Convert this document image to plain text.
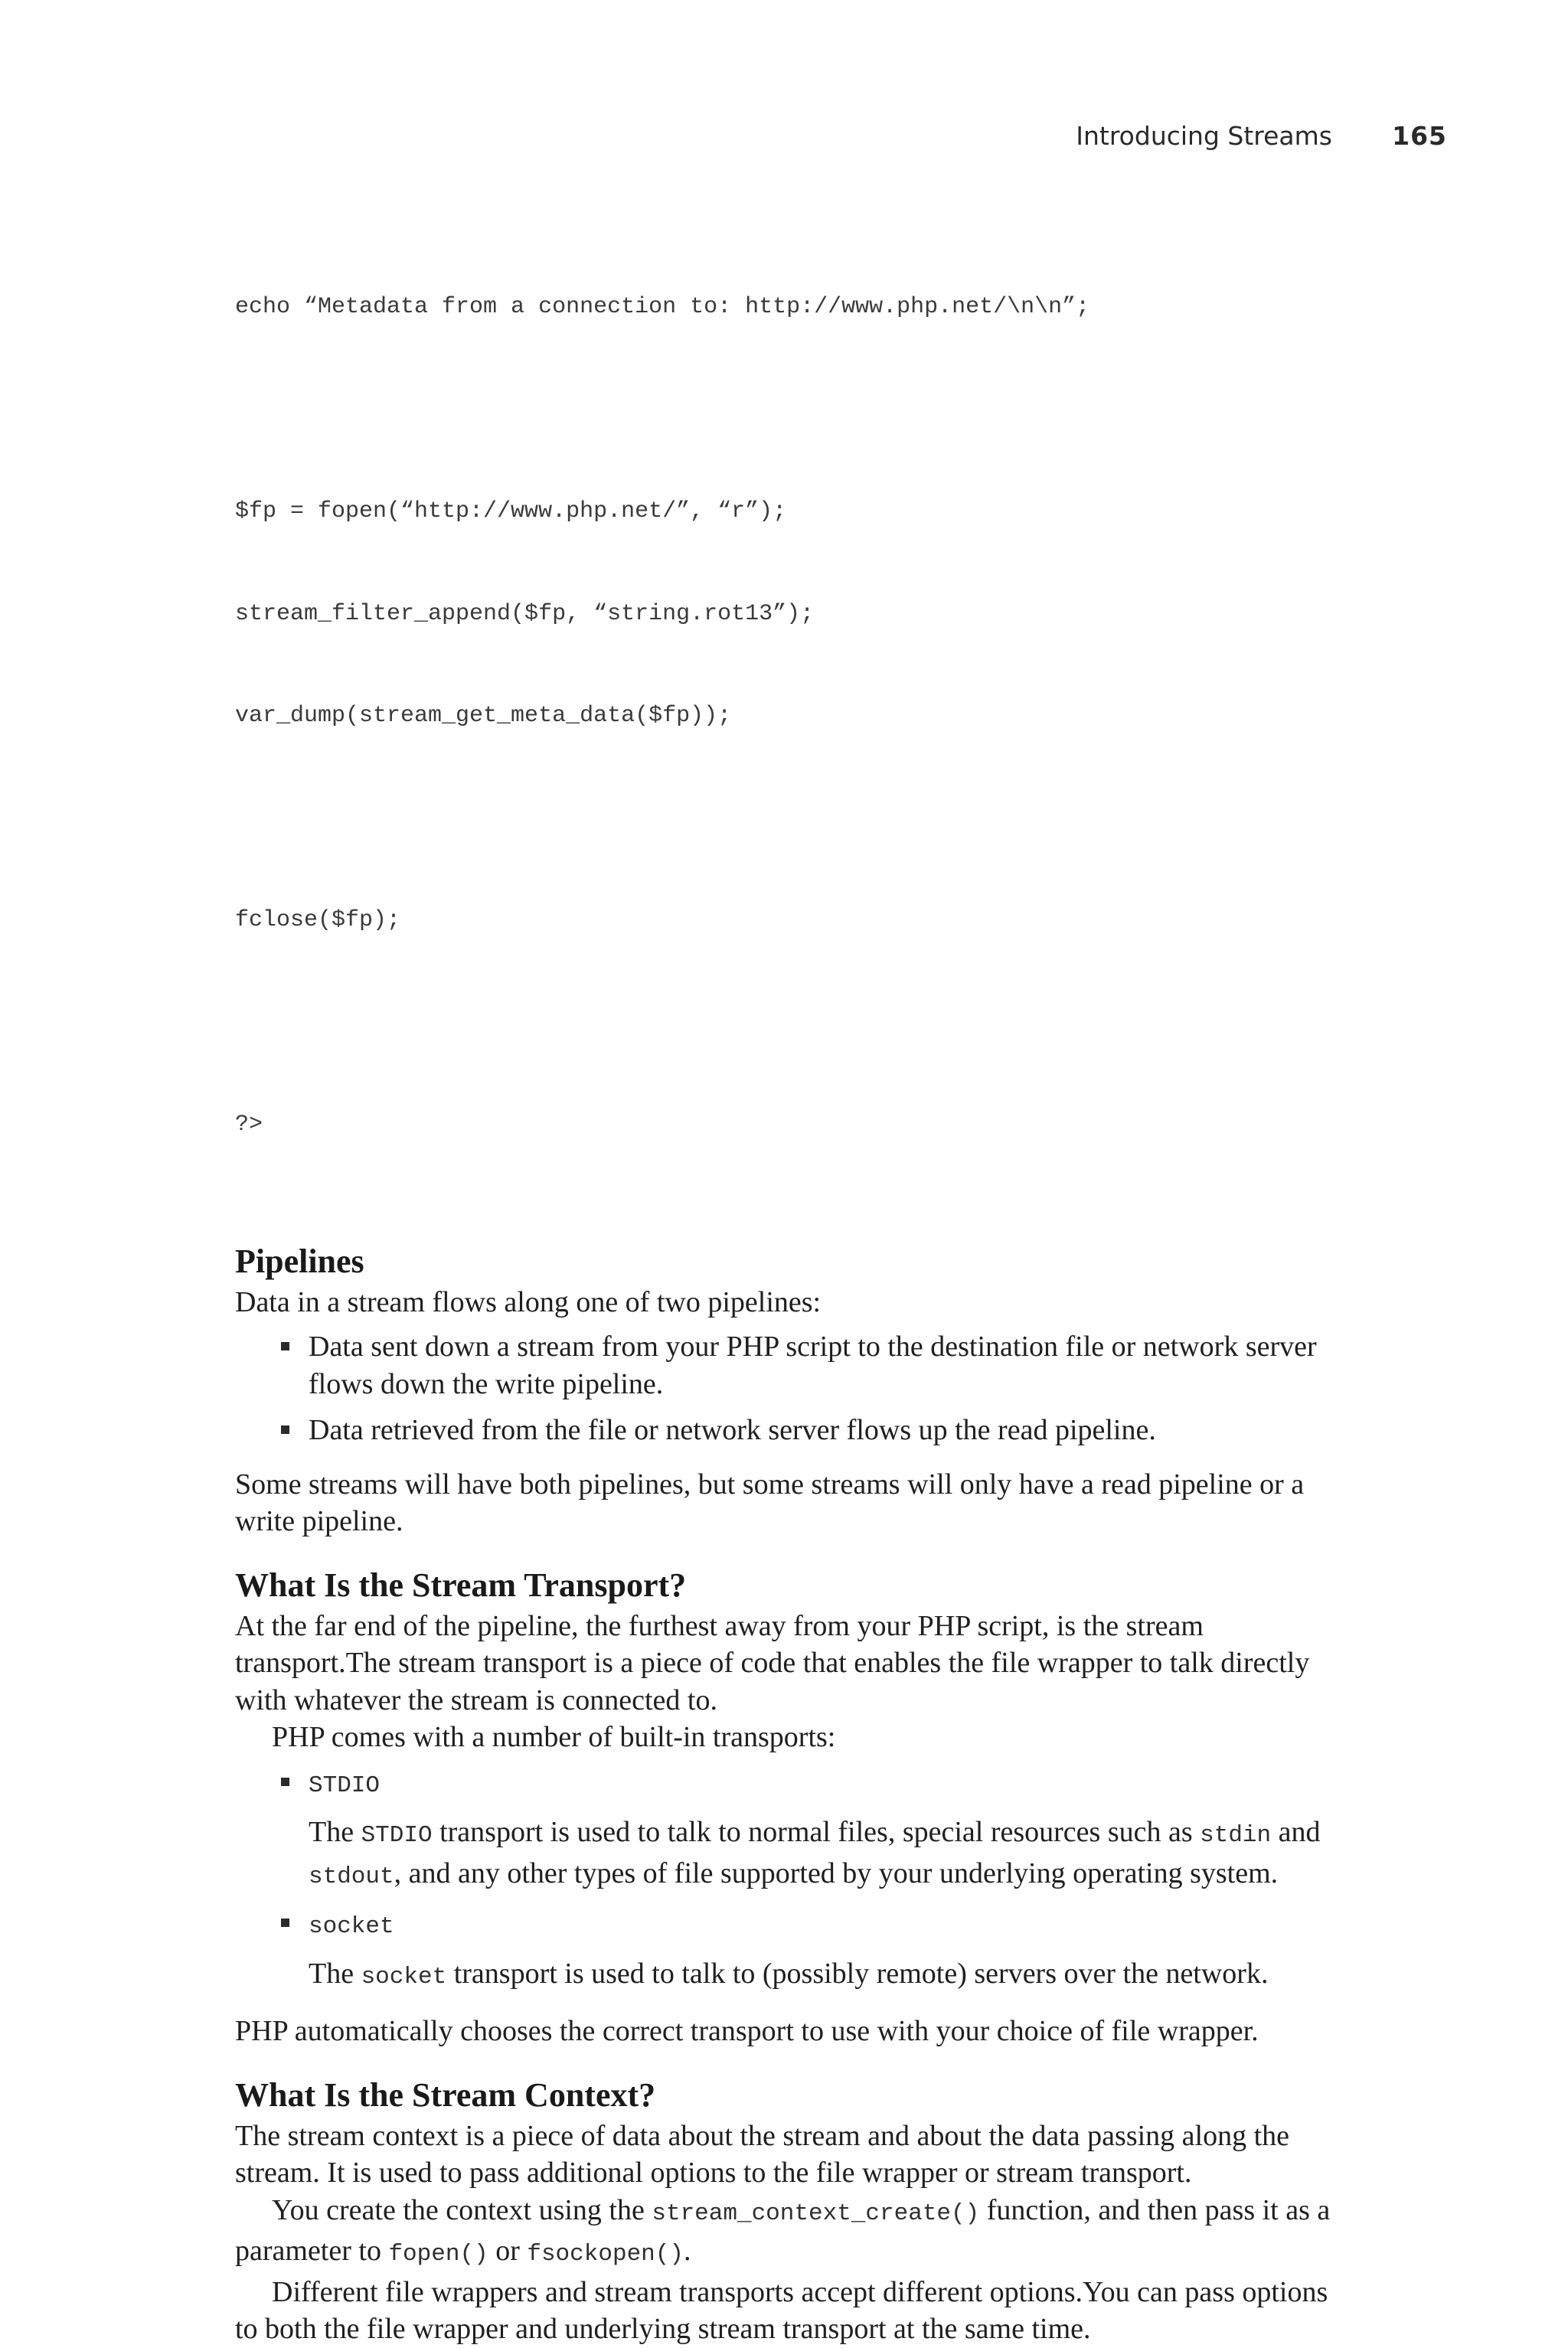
Introducing Streams 165

echo “Metadata from a connection to: http://www.php.net/\n\n”;

$fp = fopen(“http://www.php.net/”, “r”);

stream_filter_append($fp, “string.rot13”);

var_dump(stream_get_meta_data($fp));

fclose($fp);

?>

Pipelines

Data in a stream flows along one of two pipelines:

Data sent down a stream from your PHP script to the destination file or network server flows down the write pipeline.
Data retrieved from the file or network server flows up the read pipeline.

Some streams will have both pipelines, but some streams will only have a read pipeline or a write pipeline.

What Is the Stream Transport?

At the far end of the pipeline, the furthest away from your PHP script, is the stream transport.The stream transport is a piece of code that enables the file wrapper to talk directly with whatever the stream is connected to.

PHP comes with a number of built-in transports:

STDIO

The STDIO transport is used to talk to normal files, special resources such as stdin and stdout, and any other types of file supported by your underlying operating system.

socket

The socket transport is used to talk to (possibly remote) servers over the network.

PHP automatically chooses the correct transport to use with your choice of file wrapper.

What Is the Stream Context?

The stream context is a piece of data about the stream and about the data passing along the stream. It is used to pass additional options to the file wrapper or stream transport.

You create the context using the stream_context_create() function, and then pass it as a parameter to fopen() or fsockopen().

Different file wrappers and stream transports accept different options.You can pass options to both the file wrapper and underlying stream transport at the same time.
